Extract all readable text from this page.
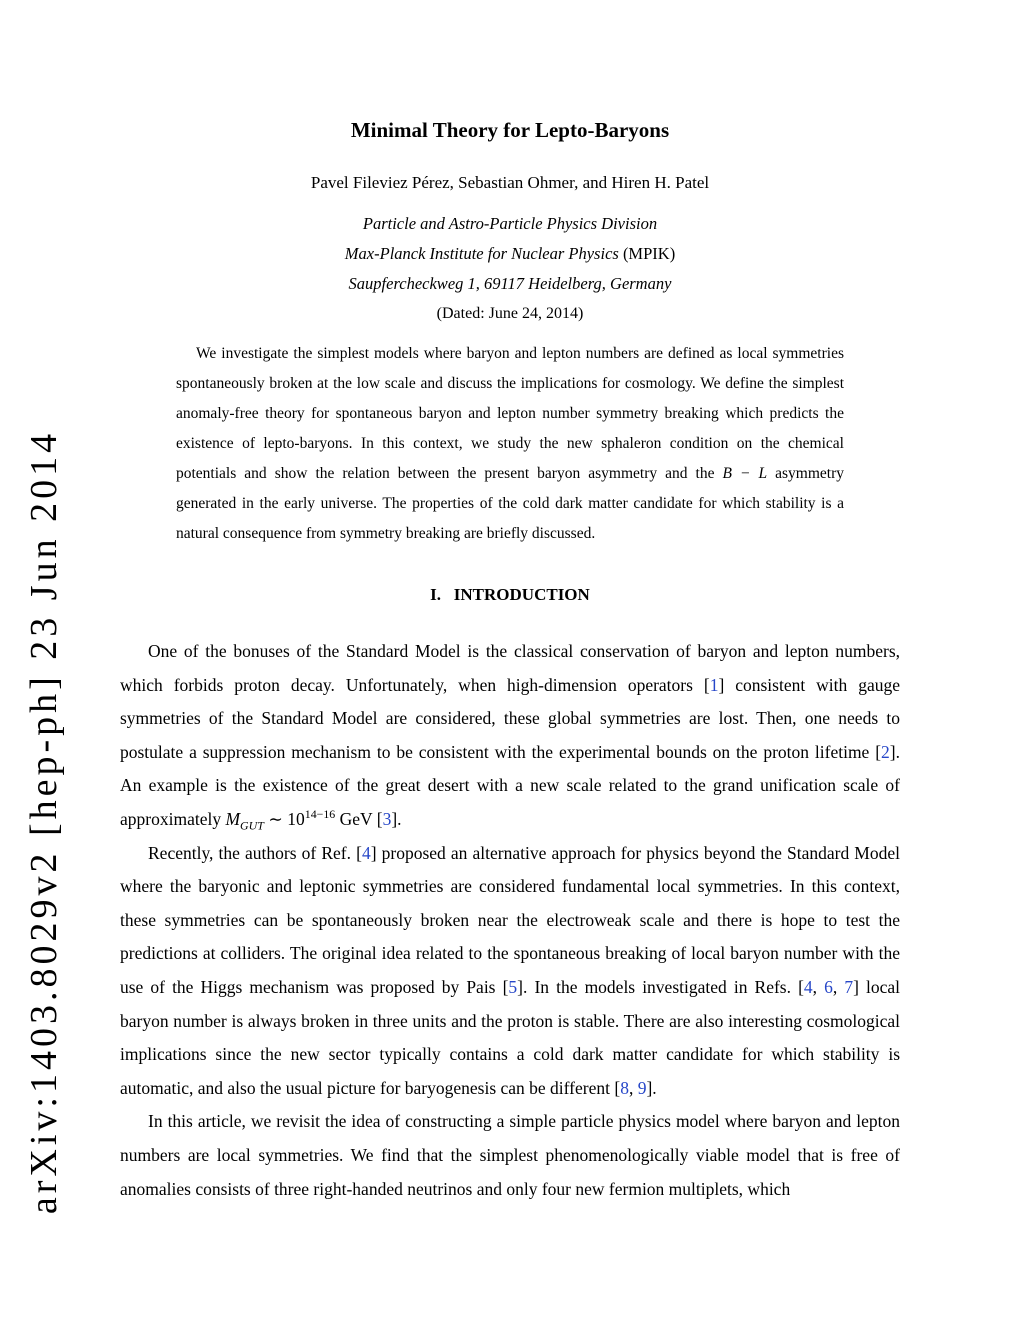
arXiv:1403.8029v2 [hep-ph] 23 Jun 2014
Minimal Theory for Lepto-Baryons
Pavel Fileviez Pérez, Sebastian Ohmer, and Hiren H. Patel
Particle and Astro-Particle Physics Division
Max-Planck Institute for Nuclear Physics (MPIK)
Saupfercheckweg 1, 69117 Heidelberg, Germany
(Dated: June 24, 2014)
We investigate the simplest models where baryon and lepton numbers are defined as local symmetries spontaneously broken at the low scale and discuss the implications for cosmology. We define the simplest anomaly-free theory for spontaneous baryon and lepton number symmetry breaking which predicts the existence of lepto-baryons. In this context, we study the new sphaleron condition on the chemical potentials and show the relation between the present baryon asymmetry and the B − L asymmetry generated in the early universe. The properties of the cold dark matter candidate for which stability is a natural consequence from symmetry breaking are briefly discussed.
I.   INTRODUCTION

One of the bonuses of the Standard Model is the classical conservation of baryon and lepton numbers, which forbids proton decay. Unfortunately, when high-dimension operators [1] consistent with gauge symmetries of the Standard Model are considered, these global symmetries are lost. Then, one needs to postulate a suppression mechanism to be consistent with the experimental bounds on the proton lifetime [2]. An example is the existence of the great desert with a new scale related to the grand unification scale of approximately $M_{GUT}$ ∼ $10^{14-16}$ GeV [3].

Recently, the authors of Ref. [4] proposed an alternative approach for physics beyond the Standard Model where the baryonic and leptonic symmetries are considered fundamental local symmetries. In this context, these symmetries can be spontaneously broken near the electroweak scale and there is hope to test the predictions at colliders. The original idea related to the spontaneous breaking of local baryon number with the use of the Higgs mechanism was proposed by Pais [5]. In the models investigated in Refs. [4, 6, 7] local baryon number is always broken in three units and the proton is stable. There are also interesting cosmological implications since the new sector typically contains a cold dark matter candidate for which stability is automatic, and also the usual picture for baryogenesis can be different [8, 9].

In this article, we revisit the idea of constructing a simple particle physics model where baryon and lepton numbers are local symmetries. We find that the simplest phenomenologically viable model that is free of anomalies consists of three right-handed neutrinos and only four new fermion multiplets, which
